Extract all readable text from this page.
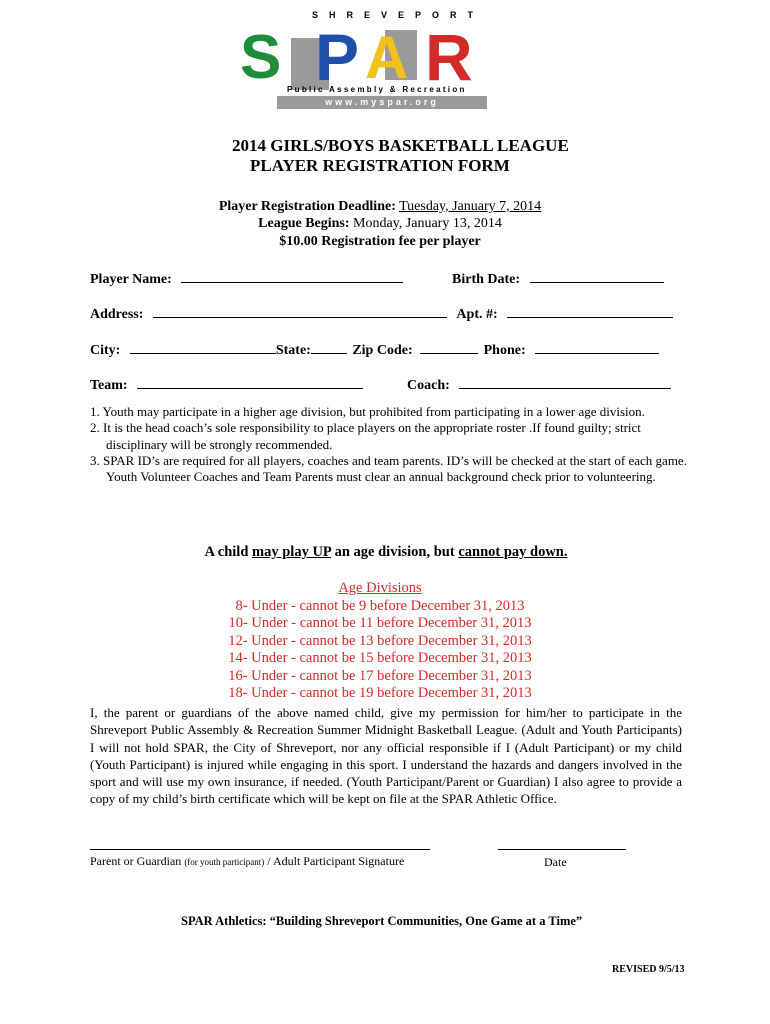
SHREVEPORT
S P A R
Public Assembly & Recreation
www.myspar.org
2014 GIRLS/BOYS BASKETBALL LEAGUE
PLAYER REGISTRATION FORM
Player Registration Deadline: Tuesday, January 7, 2014
League Begins: Monday, January 13, 2014
$10.00 Registration fee per player
Player Name:	Birth Date:
Address:	Apt. #:
City:	State:	Zip Code:	Phone:
Team:	Coach:
1. Youth may participate in a higher age division, but prohibited from participating in a lower age division.
2. It is the head coach’s sole responsibility to place players on the appropriate roster .If found guilty; strict disciplinary will be strongly recommended.
3. SPAR ID’s are required for all players, coaches and team parents. ID’s will be checked at the start of each game. Youth Volunteer Coaches and Team Parents must clear an annual background check prior to volunteering.
A child may play UP an age division, but cannot pay down.
Age Divisions
8- Under - cannot be 9 before December 31, 2013
10- Under - cannot be 11 before December 31, 2013
12- Under - cannot be 13 before December 31, 2013
14- Under - cannot be 15 before December 31, 2013
16- Under - cannot be 17 before December 31, 2013
18- Under - cannot be 19 before December 31, 2013
I, the parent or guardians of the above named child, give my permission for him/her to participate in the Shreveport Public Assembly & Recreation Summer Midnight Basketball League. (Adult and Youth Participants) I will not hold SPAR, the City of Shreveport, nor any official responsible if I (Adult Participant) or my child (Youth Participant) is injured while engaging in this sport. I understand the hazards and dangers involved in the sport and will use my own insurance, if needed. (Youth Participant/Parent or Guardian) I also agree to provide a copy of my child’s birth certificate which will be kept on file at the SPAR Athletic Office.
Parent or Guardian (for youth participant) / Adult Participant Signature	Date
SPAR Athletics: “Building Shreveport Communities, One Game at a Time”
REVISED 9/5/13
